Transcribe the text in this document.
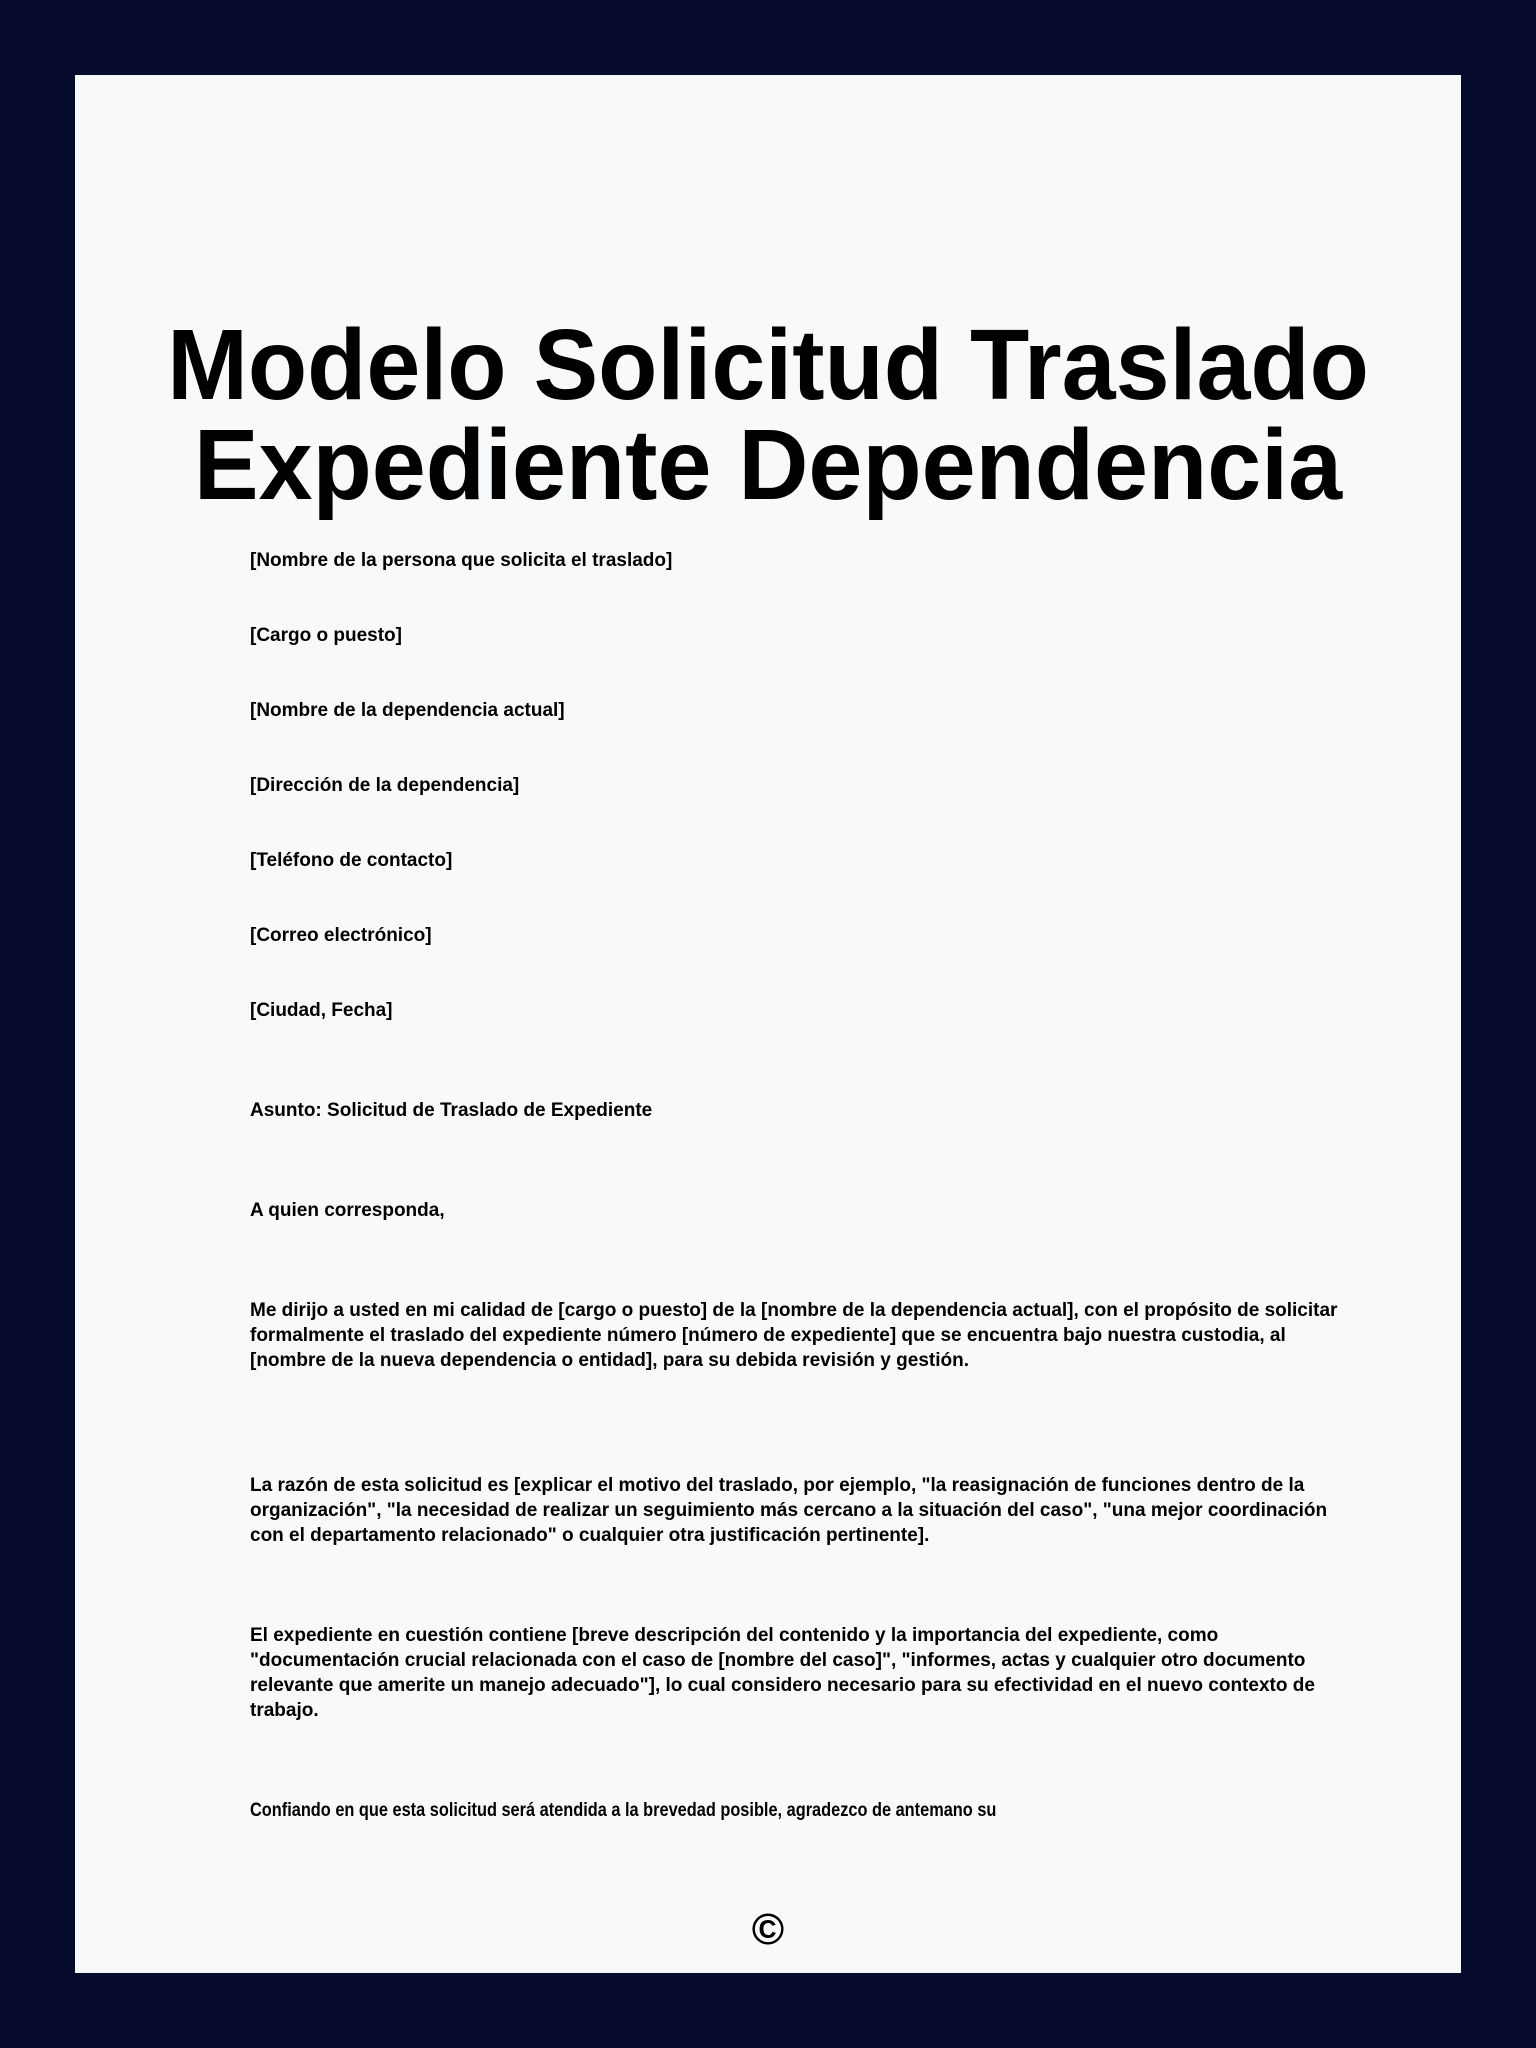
Modelo Solicitud Traslado
Expediente Dependencia
[Nombre de la persona que solicita el traslado]
[Cargo o puesto]
[Nombre de la dependencia actual]
[Dirección de la dependencia]
[Teléfono de contacto]
[Correo electrónico]
[Ciudad, Fecha]
Asunto: Solicitud de Traslado de Expediente
A quien corresponda,
Me dirijo a usted en mi calidad de [cargo o puesto] de la [nombre de la dependencia actual], con el propósito de solicitar formalmente el traslado del expediente número [número de expediente] que se encuentra bajo nuestra custodia, al [nombre de la nueva dependencia o entidad], para su debida revisión y gestión.
La razón de esta solicitud es [explicar el motivo del traslado, por ejemplo, "la reasignación de funciones dentro de la organización", "la necesidad de realizar un seguimiento más cercano a la situación del caso", "una mejor coordinación con el departamento relacionado" o cualquier otra justificación pertinente].
El expediente en cuestión contiene [breve descripción del contenido y la importancia del expediente, como "documentación crucial relacionada con el caso de [nombre del caso]", "informes, actas y cualquier otro documento relevante que amerite un manejo adecuado"], lo cual considero necesario para su efectividad en el nuevo contexto de trabajo.
Confiando en que esta solicitud será atendida a la brevedad posible, agradezco de antemano su
©
